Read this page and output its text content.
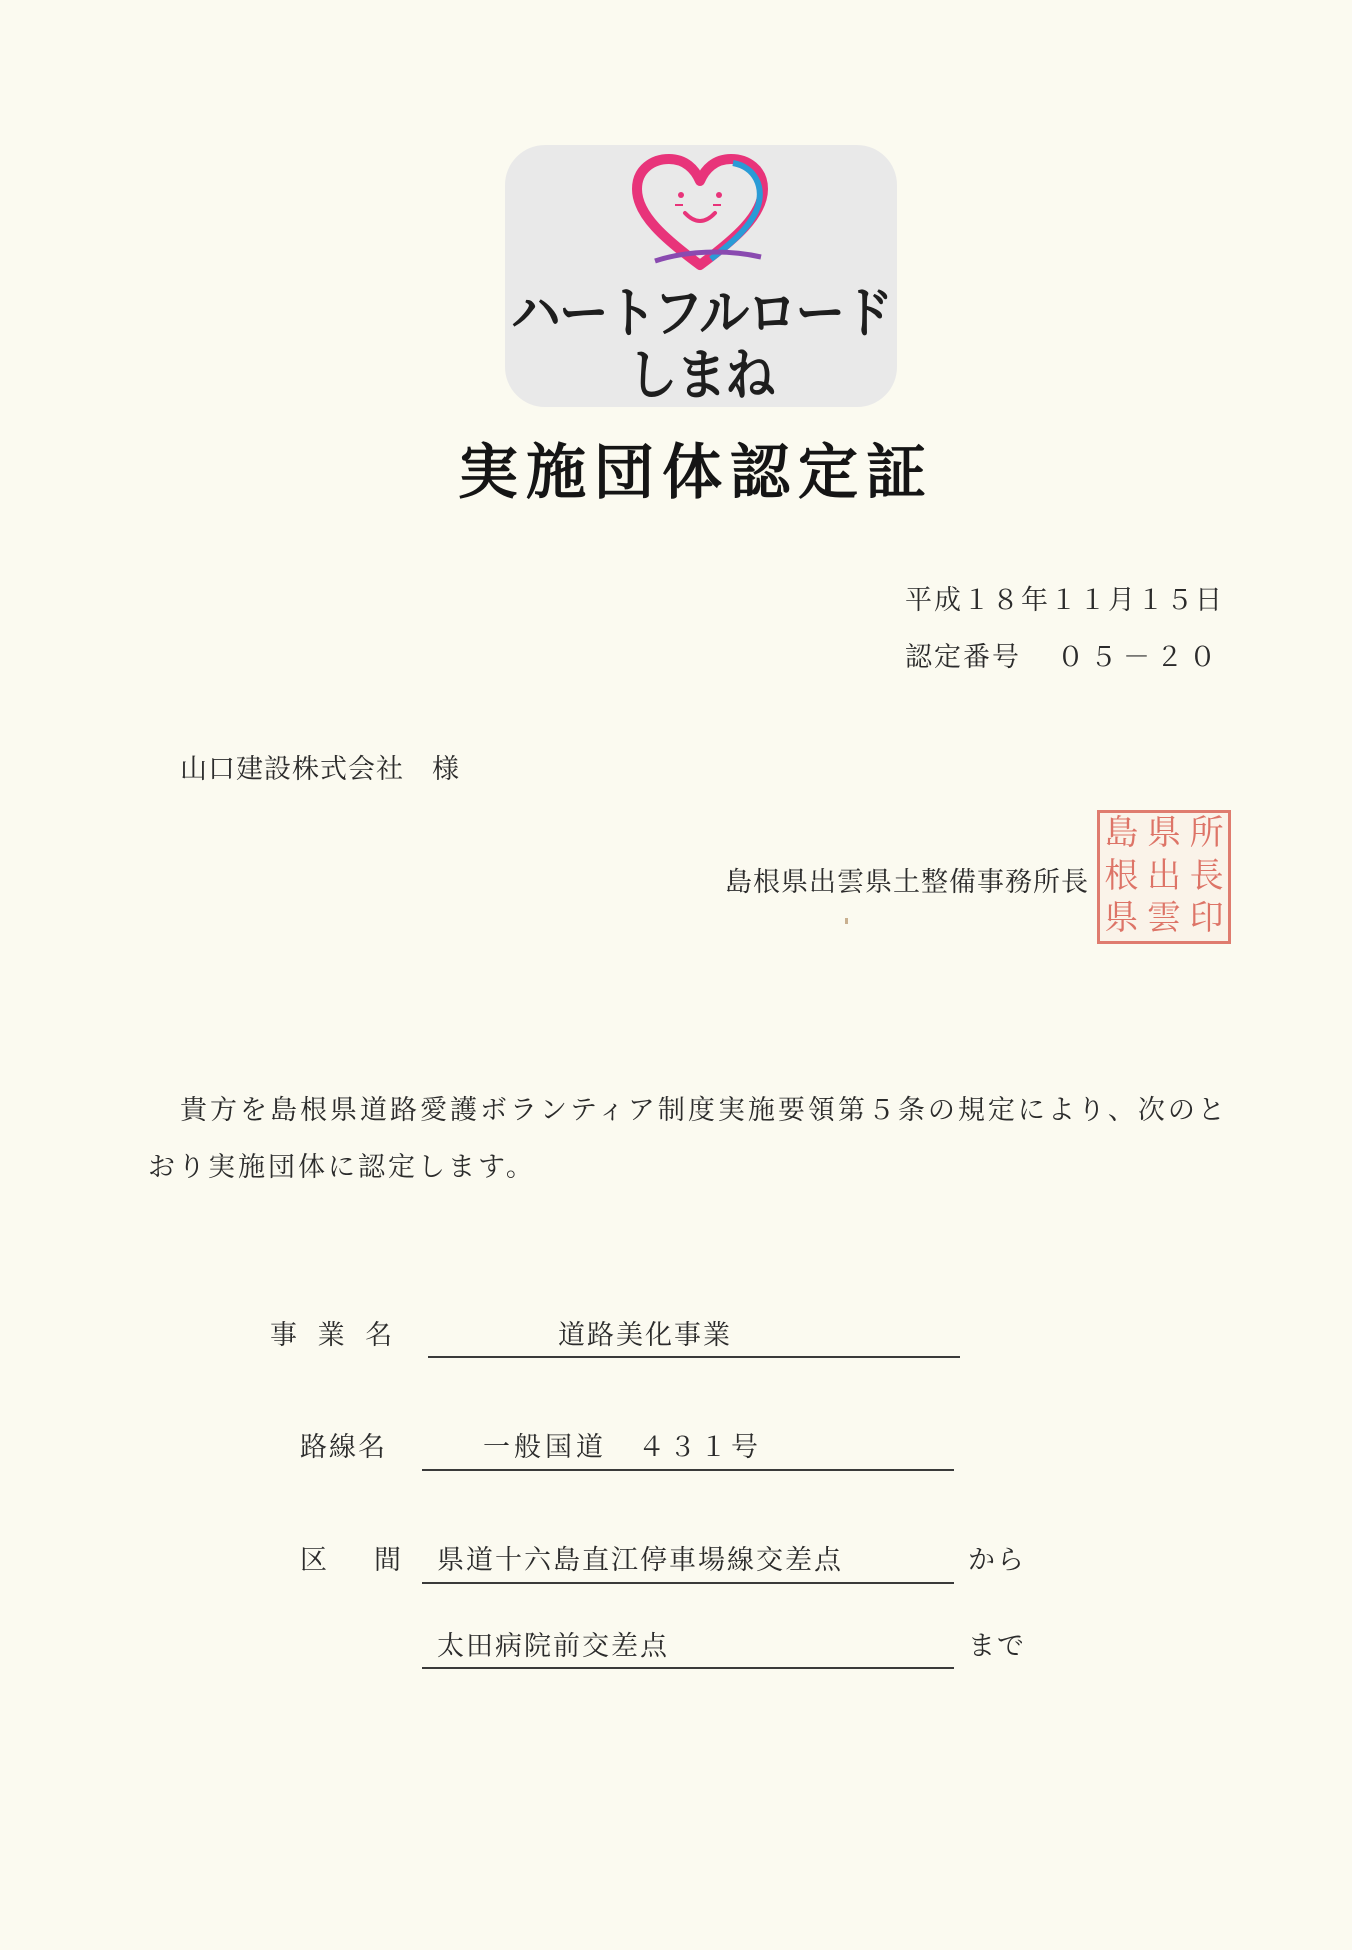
ハートフルロード
しまね
実施団体認定証
平成１８年１１月１５日
認定番号 ０５－２０
山口建設株式会社　様
島根県出雲県土整備事務所長
島 県 所
根 出 長
県 雲 印
貴方を島根県道路愛護ボランティア制度実施要領第５条の規定により、次のと
おり実施団体に認定します。
事 業 名	道路美化事業
路線名	一般国道　４３１号
区　間 県道十六島直江停車場線交差点	から
太田病院前交差点	まで
